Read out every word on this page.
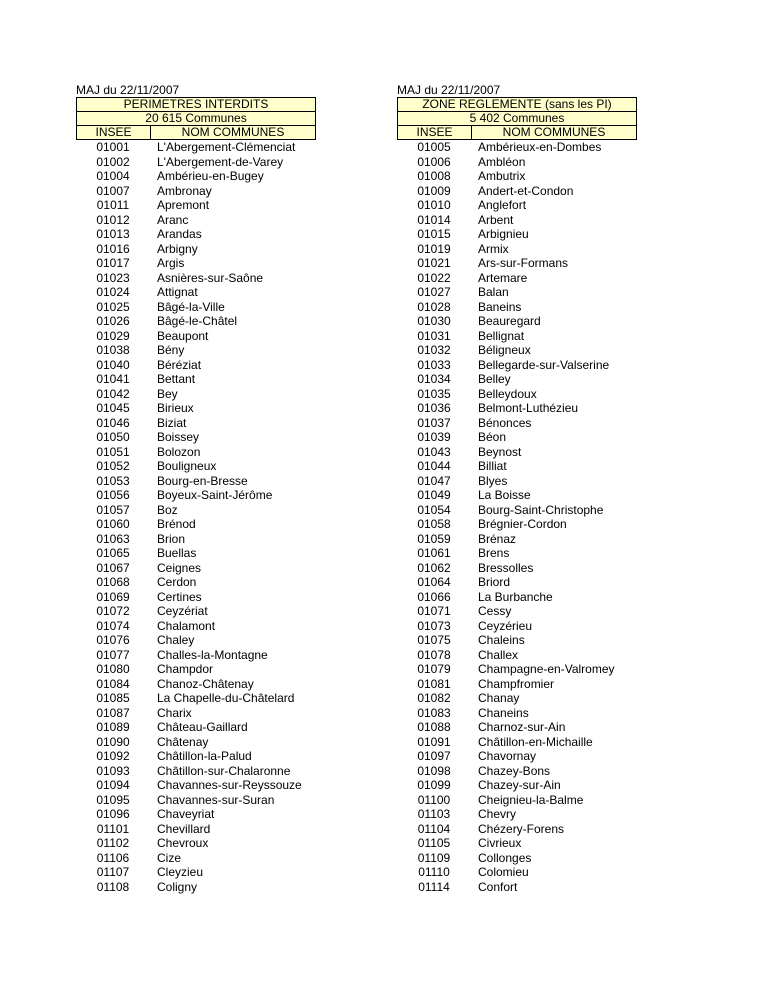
MAJ du 22/11/2007
PERIMETRES INTERDITS
20 615 Communes
INSEE	NOM COMMUNES
01001	L'Abergement-Clémenciat
01002	L'Abergement-de-Varey
01004	Ambérieu-en-Bugey
01007	Ambronay
01011	Apremont
01012	Aranc
01013	Arandas
01016	Arbigny
01017	Argis
01023	Asnières-sur-Saône
01024	Attignat
01025	Bâgé-la-Ville
01026	Bâgé-le-Châtel
01029	Beaupont
01038	Bény
01040	Béréziat
01041	Bettant
01042	Bey
01045	Birieux
01046	Biziat
01050	Boissey
01051	Bolozon
01052	Bouligneux
01053	Bourg-en-Bresse
01056	Boyeux-Saint-Jérôme
01057	Boz
01060	Brénod
01063	Brion
01065	Buellas
01067	Ceignes
01068	Cerdon
01069	Certines
01072	Ceyzériat
01074	Chalamont
01076	Chaley
01077	Challes-la-Montagne
01080	Champdor
01084	Chanoz-Châtenay
01085	La Chapelle-du-Châtelard
01087	Charix
01089	Château-Gaillard
01090	Châtenay
01092	Châtillon-la-Palud
01093	Châtillon-sur-Chalaronne
01094	Chavannes-sur-Reyssouze
01095	Chavannes-sur-Suran
01096	Chaveyriat
01101	Chevillard
01102	Chevroux
01106	Cize
01107	Cleyzieu
01108	Coligny
MAJ du 22/11/2007
ZONE REGLEMENTE (sans les PI)
5 402 Communes
INSEE	NOM COMMUNES
01005	Ambérieux-en-Dombes
01006	Ambléon
01008	Ambutrix
01009	Andert-et-Condon
01010	Anglefort
01014	Arbent
01015	Arbignieu
01019	Armix
01021	Ars-sur-Formans
01022	Artemare
01027	Balan
01028	Baneins
01030	Beauregard
01031	Bellignat
01032	Béligneux
01033	Bellegarde-sur-Valserine
01034	Belley
01035	Belleydoux
01036	Belmont-Luthézieu
01037	Bénonces
01039	Béon
01043	Beynost
01044	Billiat
01047	Blyes
01049	La Boisse
01054	Bourg-Saint-Christophe
01058	Brégnier-Cordon
01059	Brénaz
01061	Brens
01062	Bressolles
01064	Briord
01066	La Burbanche
01071	Cessy
01073	Ceyzérieu
01075	Chaleins
01078	Challex
01079	Champagne-en-Valromey
01081	Champfromier
01082	Chanay
01083	Chaneins
01088	Charnoz-sur-Ain
01091	Châtillon-en-Michaille
01097	Chavornay
01098	Chazey-Bons
01099	Chazey-sur-Ain
01100	Cheignieu-la-Balme
01103	Chevry
01104	Chézery-Forens
01105	Civrieux
01109	Collonges
01110	Colomieu
01114	Confort
